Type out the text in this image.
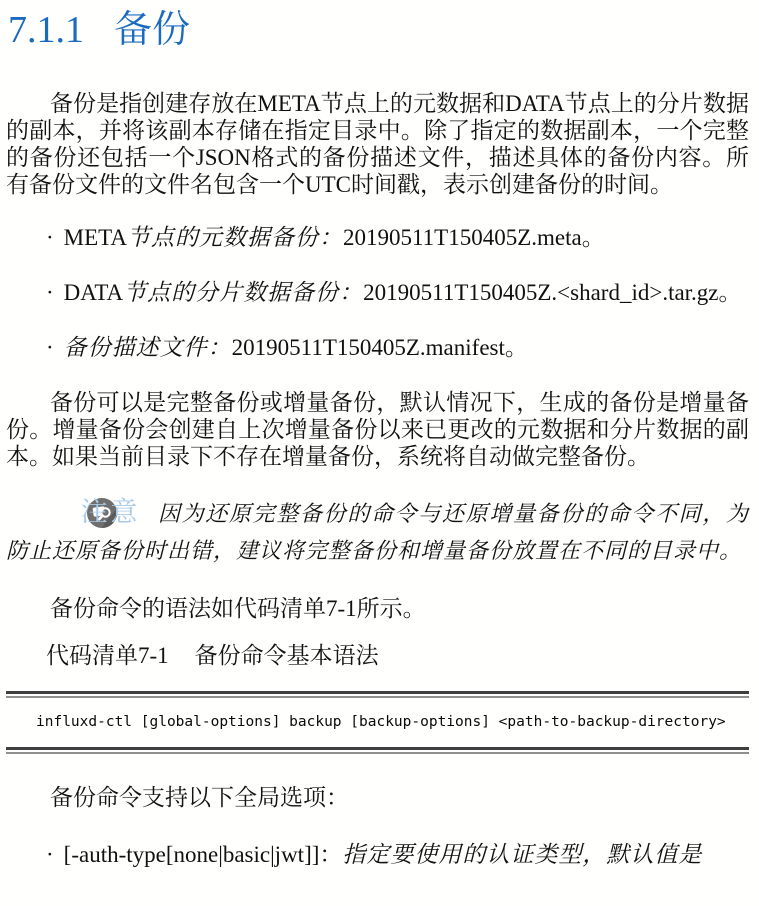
7.1.1 备份

备份是指创建存放在META节点上的元数据和DATA节点上的分片数据的副本，并将该副本存储在指定目录中。除了指定的数据副本，一个完整的备份还包括一个JSON格式的备份描述文件，描述具体的备份内容。所有备份文件的文件名包含一个UTC时间戳，表示创建备份的时间。

· META节点的元数据备份：20190511T150405Z.meta。

· DATA节点的分片数据备份：20190511T150405Z.<shard_id>.tar.gz。

· 备份描述文件：20190511T150405Z.manifest。

备份可以是完整备份或增量备份，默认情况下，生成的备份是增量备份。增量备份会创建自上次增量备份以来已更改的元数据和分片数据的副本。如果当前目录下不存在增量备份，系统将自动做完整备份。

注意 因为还原完整备份的命令与还原增量备份的命令不同，为防止还原备份时出错，建议将完整备份和增量备份放置在不同的目录中。

备份命令的语法如代码清单7-1所示。

代码清单7-1 备份命令基本语法

influxd-ctl [global-options] backup [backup-options] <path-to-backup-directory>

备份命令支持以下全局选项：

· [-auth-type[none|basic|jwt]]：指定要使用的认证类型，默认值是
